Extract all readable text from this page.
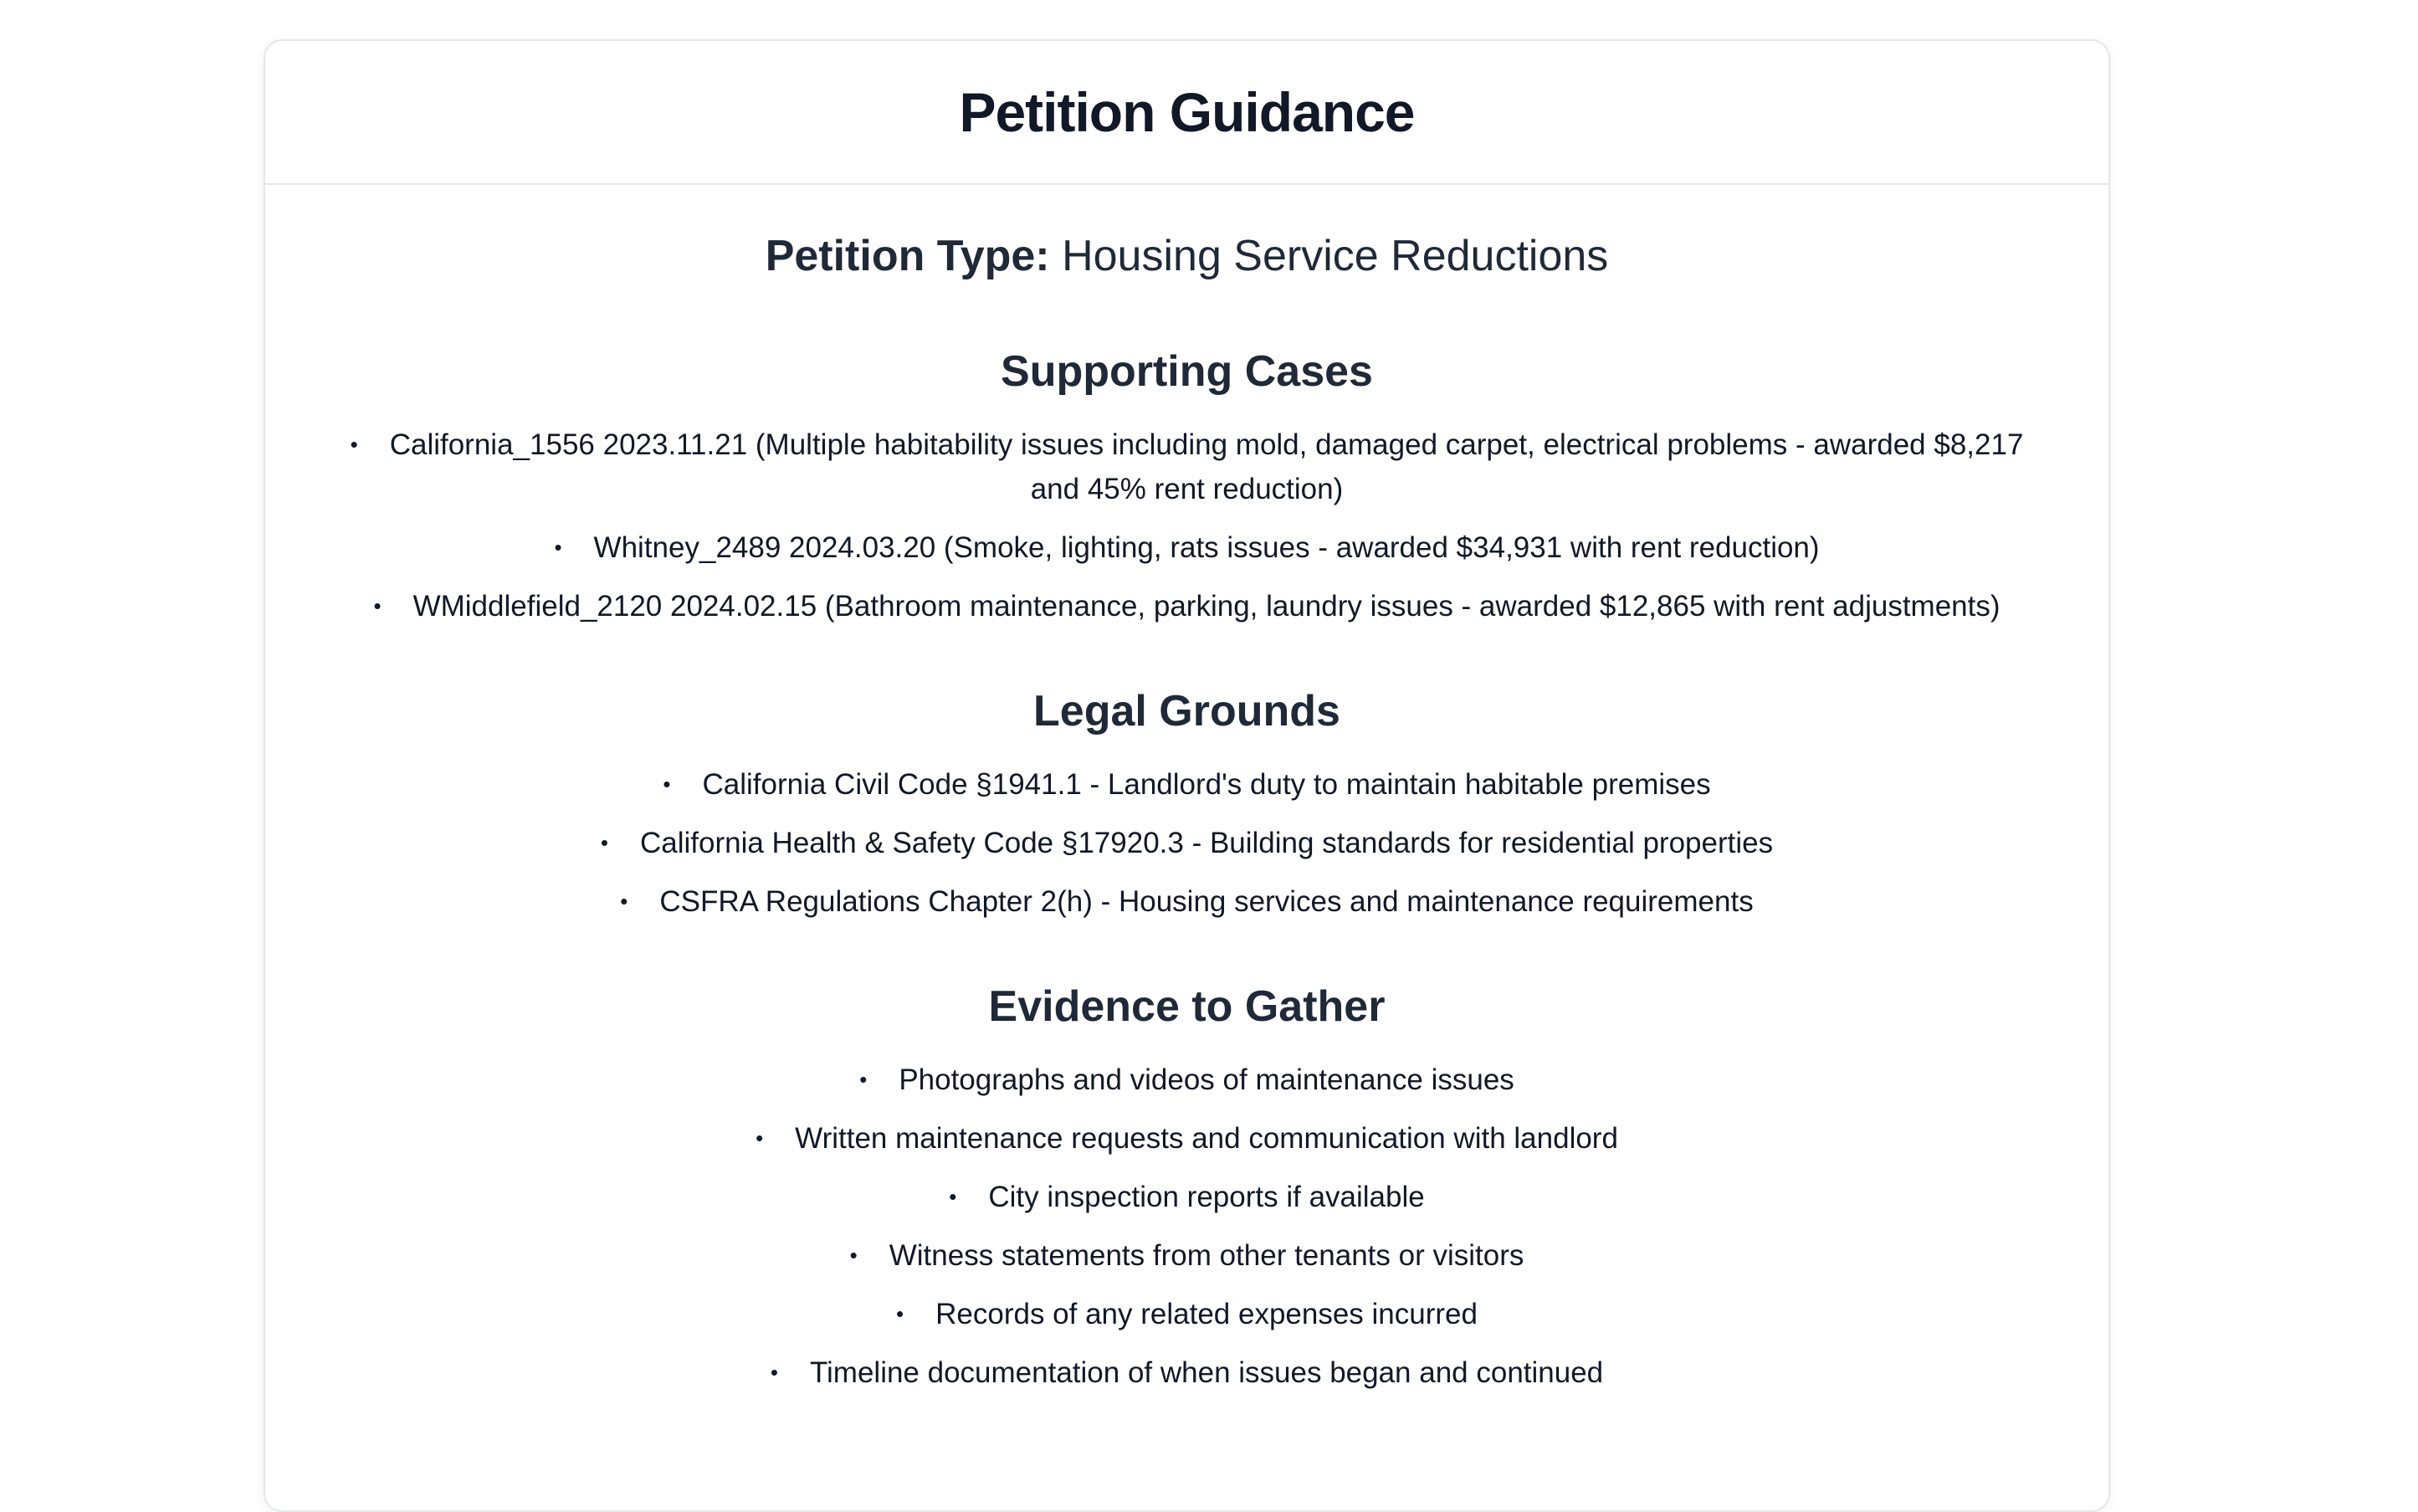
Petition Guidance
Petition Type: Housing Service Reductions
Supporting Cases
• California_1556 2023.11.21 (Multiple habitability issues including mold, damaged carpet, electrical problems - awarded $8,217 and 45% rent reduction)
• Whitney_2489 2024.03.20 (Smoke, lighting, rats issues - awarded $34,931 with rent reduction)
• WMiddlefield_2120 2024.02.15 (Bathroom maintenance, parking, laundry issues - awarded $12,865 with rent adjustments)
Legal Grounds
• California Civil Code §1941.1 - Landlord's duty to maintain habitable premises
• California Health & Safety Code §17920.3 - Building standards for residential properties
• CSFRA Regulations Chapter 2(h) - Housing services and maintenance requirements
Evidence to Gather
• Photographs and videos of maintenance issues
• Written maintenance requests and communication with landlord
• City inspection reports if available
• Witness statements from other tenants or visitors
• Records of any related expenses incurred
• Timeline documentation of when issues began and continued
